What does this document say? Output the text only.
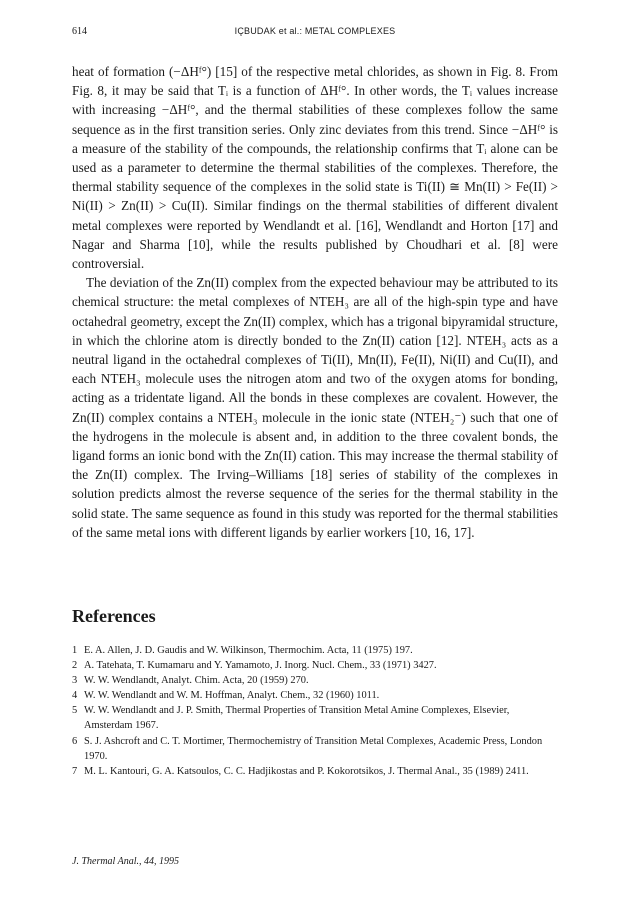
614	IÇBUDAK et al.: METAL COMPLEXES

heat of formation (−ΔHᶠ°) [15] of the respective metal chlorides, as shown in Fig. 8. From Fig. 8, it may be said that Tᵢ is a function of ΔHᶠ°. In other words, the Tᵢ values increase with increasing −ΔHᶠ°, and the thermal stabilities of these complexes follow the same sequence as in the first transition series. Only zinc deviates from this trend. Since −ΔHᶠ° is a measure of the stability of the compounds, the relationship confirms that Tᵢ alone can be used as a parameter to determine the thermal stabilities of the complexes. Therefore, the thermal stability sequence of the complexes in the solid state is Ti(II) ≅ Mn(II) > Fe(II) > Ni(II) > Zn(II) > Cu(II). Similar findings on the thermal stabilities of different divalent metal complexes were reported by Wendlandt et al. [16], Wendlandt and Horton [17] and Nagar and Sharma [10], while the results published by Choudhari et al. [8] were controversial.

The deviation of the Zn(II) complex from the expected behaviour may be attributed to its chemical structure: the metal complexes of NTEH₃ are all of the high-spin type and have octahedral geometry, except the Zn(II) complex, which has a trigonal bipyramidal structure, in which the chlorine atom is directly bonded to the Zn(II) cation [12]. NTEH₃ acts as a neutral ligand in the octahedral complexes of Ti(II), Mn(II), Fe(II), Ni(II) and Cu(II), and each NTEH₃ molecule uses the nitrogen atom and two of the oxygen atoms for bonding, acting as a tridentate ligand. All the bonds in these complexes are covalent. However, the Zn(II) complex contains a NTEH₃ molecule in the ionic state (NTEH₂⁻) such that one of the hydrogens in the molecule is absent and, in addition to the three covalent bonds, the ligand forms an ionic bond with the Zn(II) cation. This may increase the thermal stability of the Zn(II) complex. The Irving–Williams [18] series of stability of the complexes in solution predicts almost the reverse sequence of the series for the thermal stability in the solid state. The same sequence as found in this study was reported for the thermal stabilities of the same metal ions with different ligands by earlier workers [10, 16, 17].

References
1 E. A. Allen, J. D. Gaudis and W. Wilkinson, Thermochim. Acta, 11 (1975) 197.
2 A. Tatehata, T. Kumamaru and Y. Yamamoto, J. Inorg. Nucl. Chem., 33 (1971) 3427.
3 W. W. Wendlandt, Analyt. Chim. Acta, 20 (1959) 270.
4 W. W. Wendlandt and W. M. Hoffman, Analyt. Chem., 32 (1960) 1011.
5 W. W. Wendlandt and J. P. Smith, Thermal Properties of Transition Metal Amine Complexes, Elsevier, Amsterdam 1967.
6 S. J. Ashcroft and C. T. Mortimer, Thermochemistry of Transition Metal Complexes, Academic Press, London 1970.
7 M. L. Kantouri, G. A. Katsoulos, C. C. Hadjikostas and P. Kokorotsikos, J. Thermal Anal., 35 (1989) 2411.
J. Thermal Anal., 44, 1995
